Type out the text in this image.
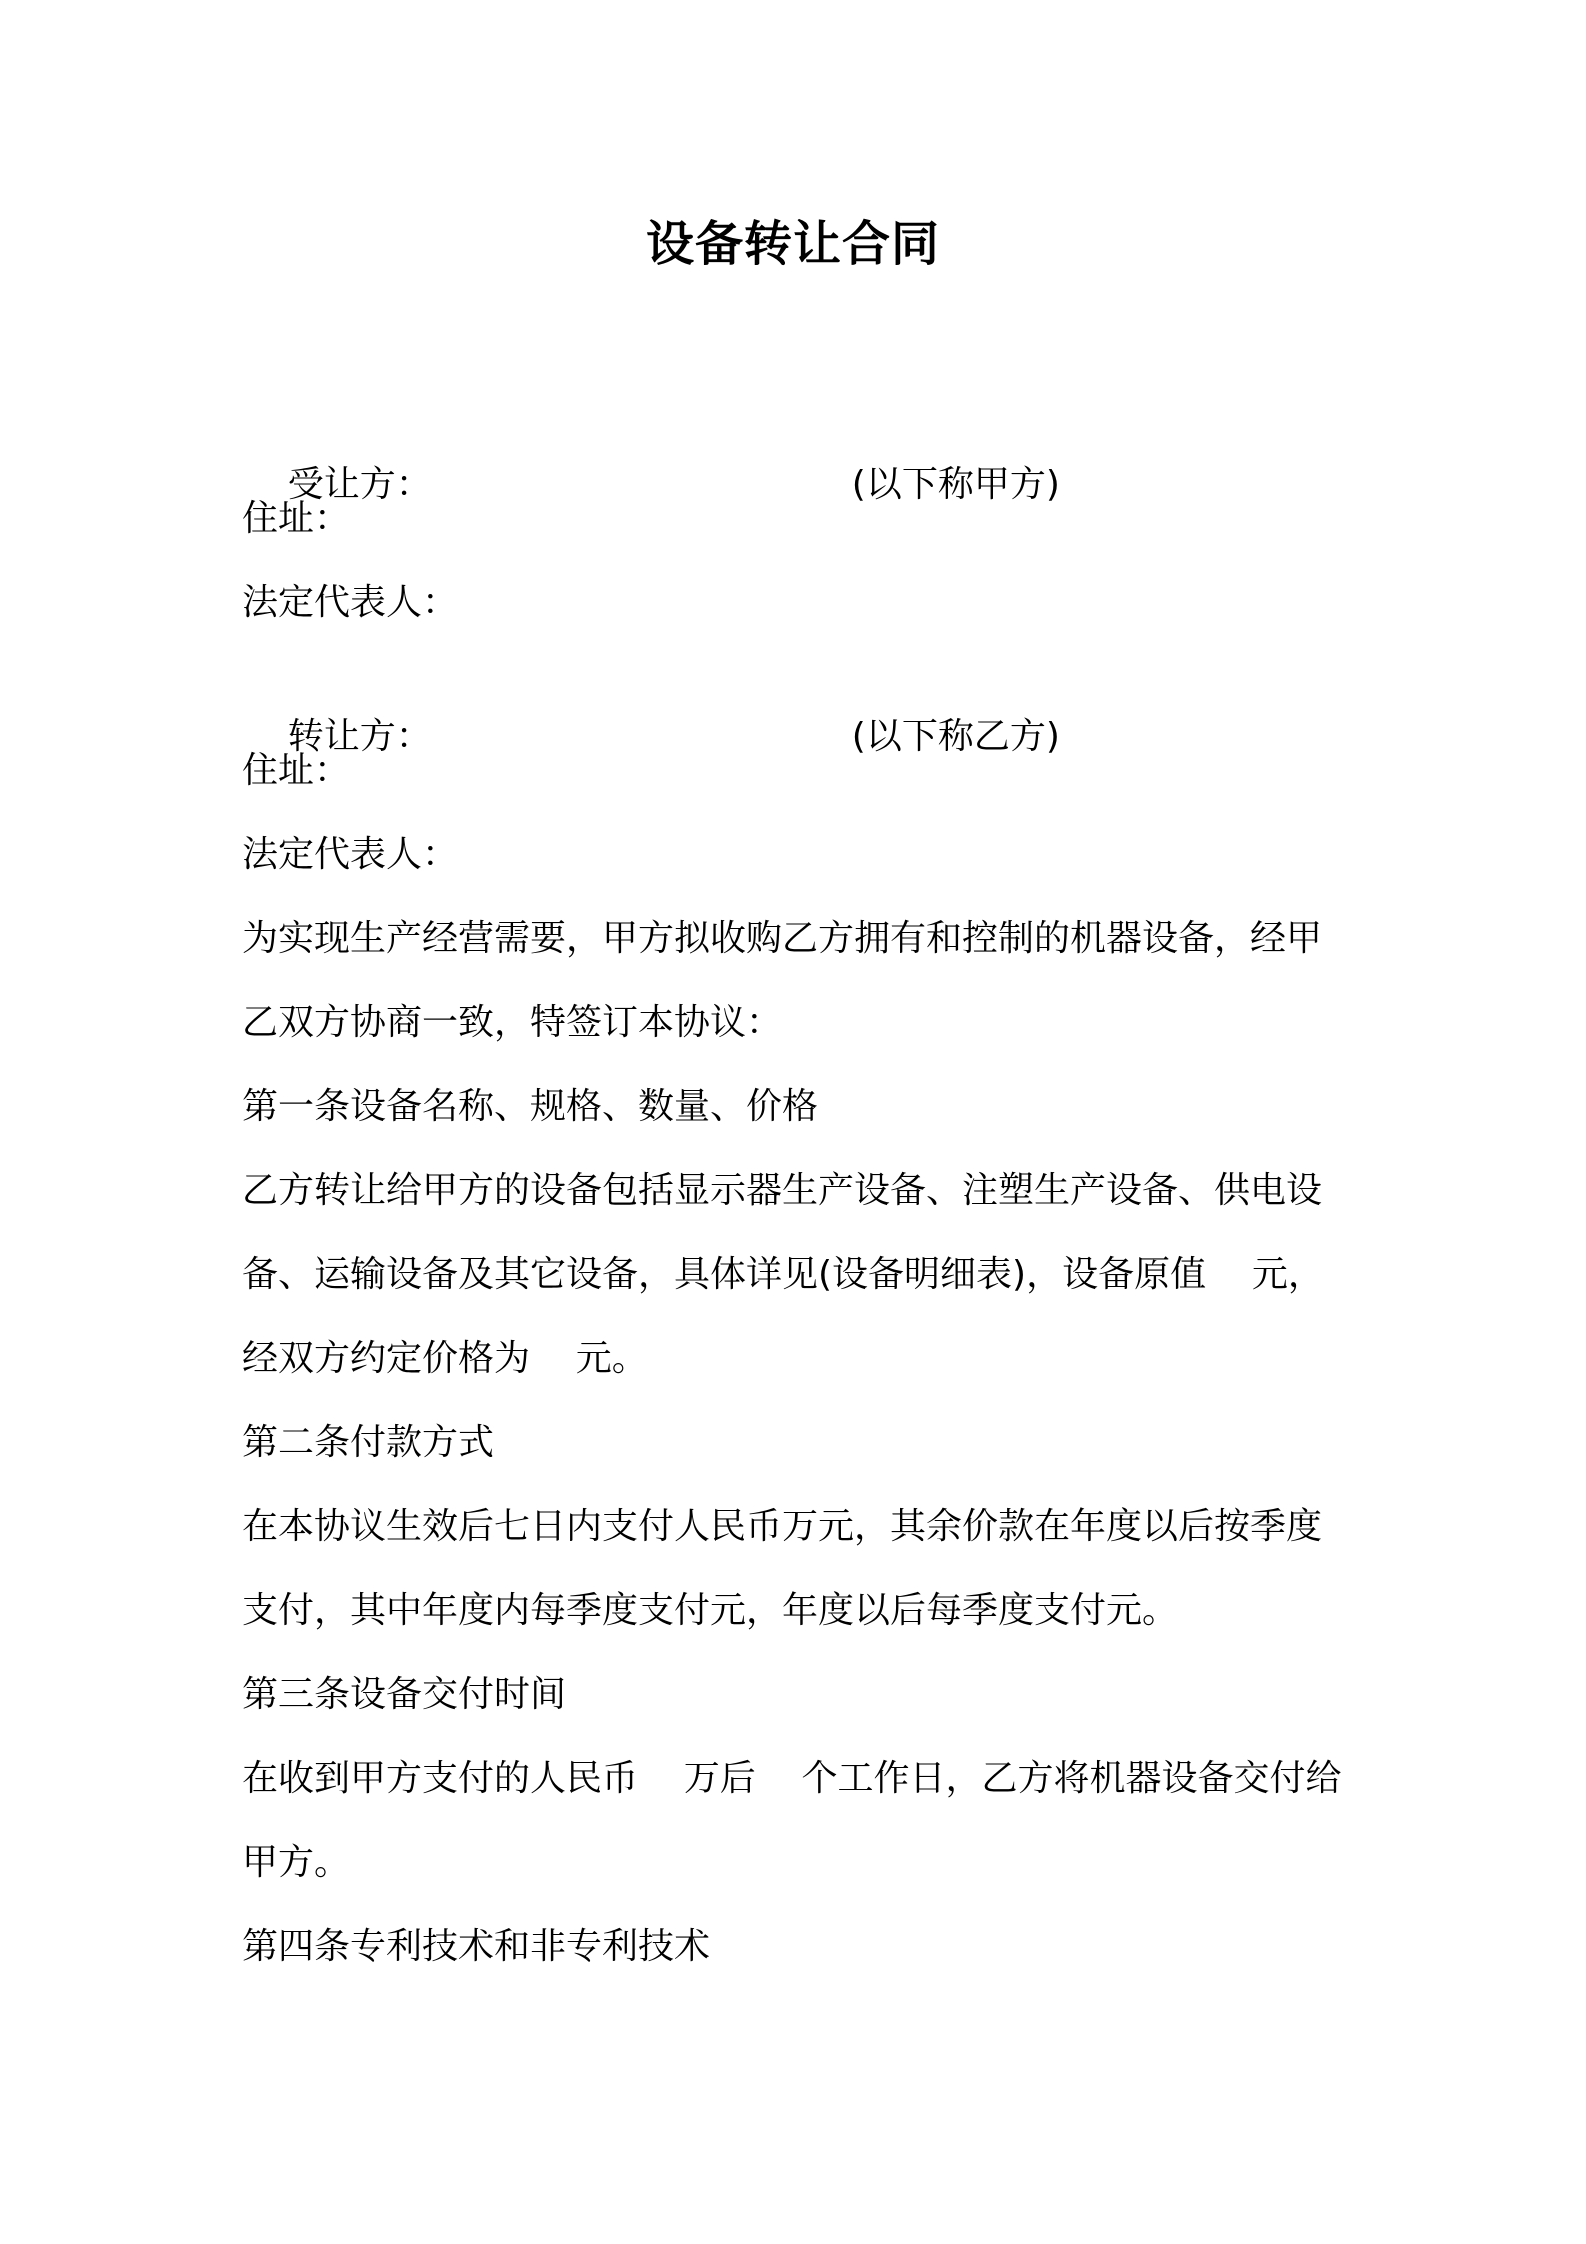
设备转让合同

受让方：	(以下称甲方)

住址：
法定代表人：

转让方：	(以下称乙方)

住址：
法定代表人：
为实现生产经营需要，甲方拟收购乙方拥有和控制的机器设备，经甲
乙双方协商一致，特签订本协议：
第一条设备名称、规格、数量、价格
乙方转让给甲方的设备包括显示器生产设备、注塑生产设备、供电设
备、运输设备及其它设备，具体详见(设备明细表)，设备原值    元，
经双方约定价格为    元。
第二条付款方式
在本协议生效后七日内支付人民币万元，其余价款在年度以后按季度
支付，其中年度内每季度支付元，年度以后每季度支付元。
第三条设备交付时间
在收到甲方支付的人民币    万后    个工作日，乙方将机器设备交付给
甲方。
第四条专利技术和非专利技术
